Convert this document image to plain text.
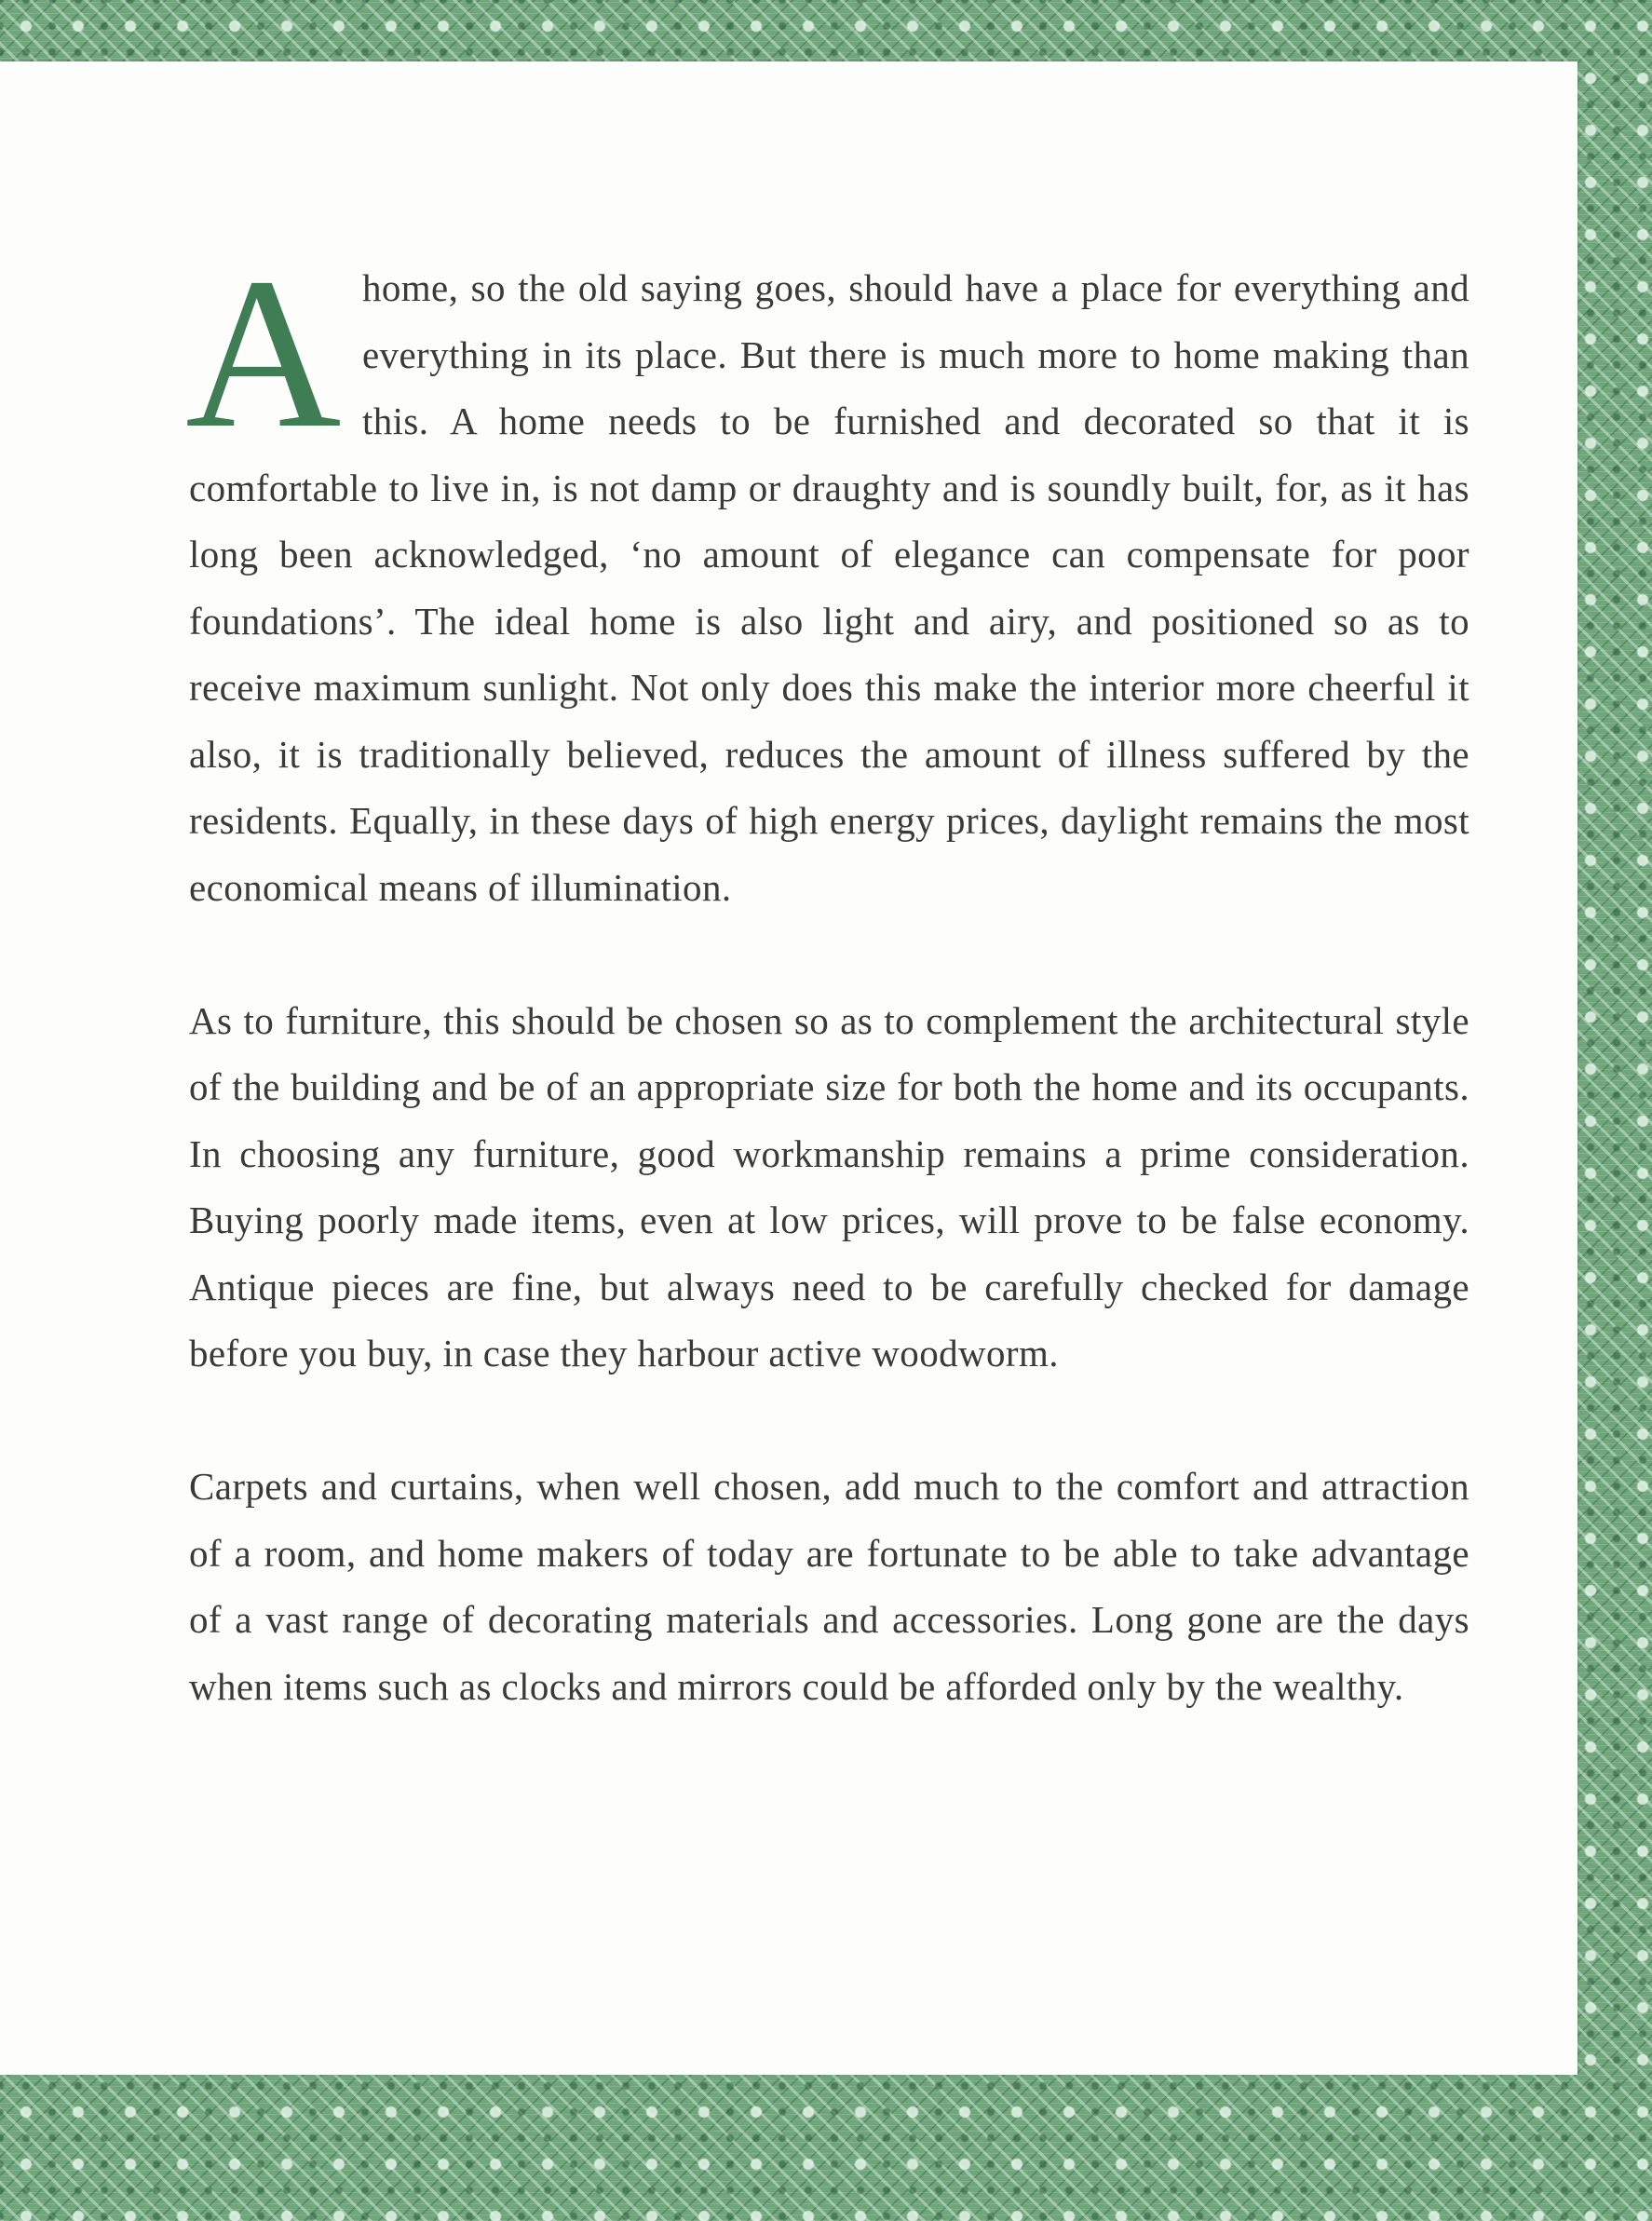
A home, so the old saying goes, should have a place for everything and everything in its place. But there is much more to home making than this. A home needs to be furnished and decorated so that it is comfortable to live in, is not damp or draughty and is soundly built, for, as it has long been acknowledged, ‘no amount of elegance can compensate for poor foundations’. The ideal home is also light and airy, and positioned so as to receive maximum sunlight. Not only does this make the interior more cheerful it also, it is traditionally believed, reduces the amount of illness suffered by the residents. Equally, in these days of high energy prices, daylight remains the most economical means of illumination.

As to furniture, this should be chosen so as to complement the architectural style of the building and be of an appropriate size for both the home and its occupants. In choosing any furniture, good workmanship remains a prime consideration. Buying poorly made items, even at low prices, will prove to be false economy. Antique pieces are fine, but always need to be carefully checked for damage before you buy, in case they harbour active woodworm.

Carpets and curtains, when well chosen, add much to the comfort and attraction of a room, and home makers of today are fortunate to be able to take advantage of a vast range of decorating materials and accessories. Long gone are the days when items such as clocks and mirrors could be afforded only by the wealthy.
